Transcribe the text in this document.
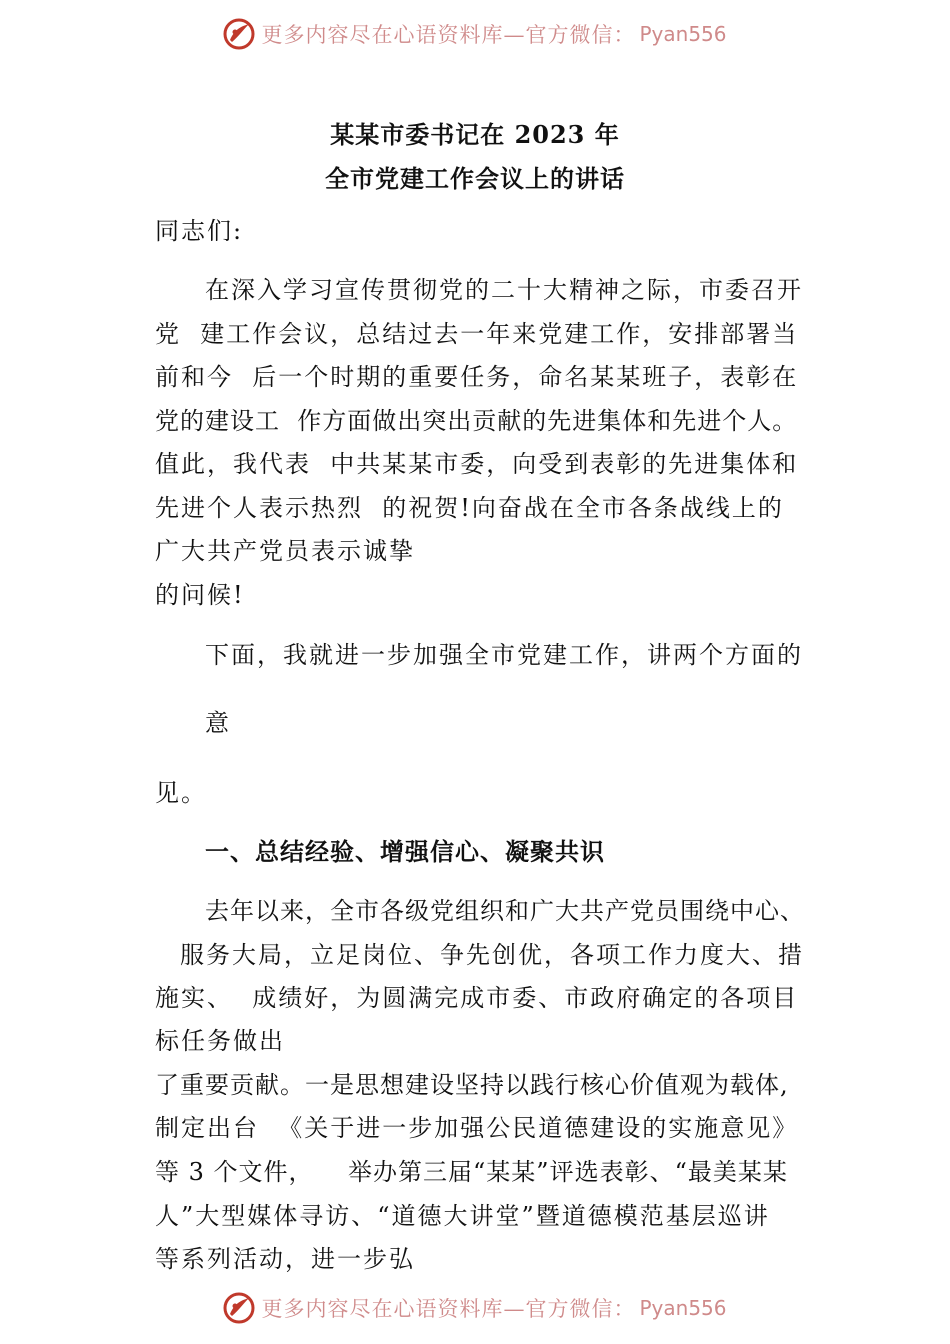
更多内容尽在心语资料库—官方微信： Pyan556
某某市委书记在 2023 年
全市党建工作会议上的讲话
同志们:
在深入学习宣传贯彻党的二十大精神之际，市委召开
党  建工作会议，总结过去一年来党建工作，安排部署当
前和今  后一个时期的重要任务，命名某某班子，表彰在
党的建设工  作方面做出突出贡献的先进集体和先进个人。
值此，我代表  中共某某市委，向受到表彰的先进集体和
先进个人表示热烈  的祝贺!向奋战在全市各条战线上的
广大共产党员表示诚挚
的问候!
下面，我就进一步加强全市党建工作，讲两个方面的
意
见。
一、总结经验、增强信心、凝聚共识
去年以来，全市各级党组织和广大共产党员围绕中心、
服务大局，立足岗位、争先创优，各项工作力度大、措
施实、  成绩好，为圆满完成市委、市政府确定的各项目
标任务做出
了重要贡献。一是思想建设坚持以践行核心价值观为载体,
制定出台  《关于进一步加强公民道德建设的实施意见》
等 3 个文件，    举办第三届“某某”评选表彰、“最美某某
人”大型媒体寻访、“道德大讲堂”暨道德模范基层巡讲
等系列活动，进一步弘
更多内容尽在心语资料库—官方微信： Pyan556
